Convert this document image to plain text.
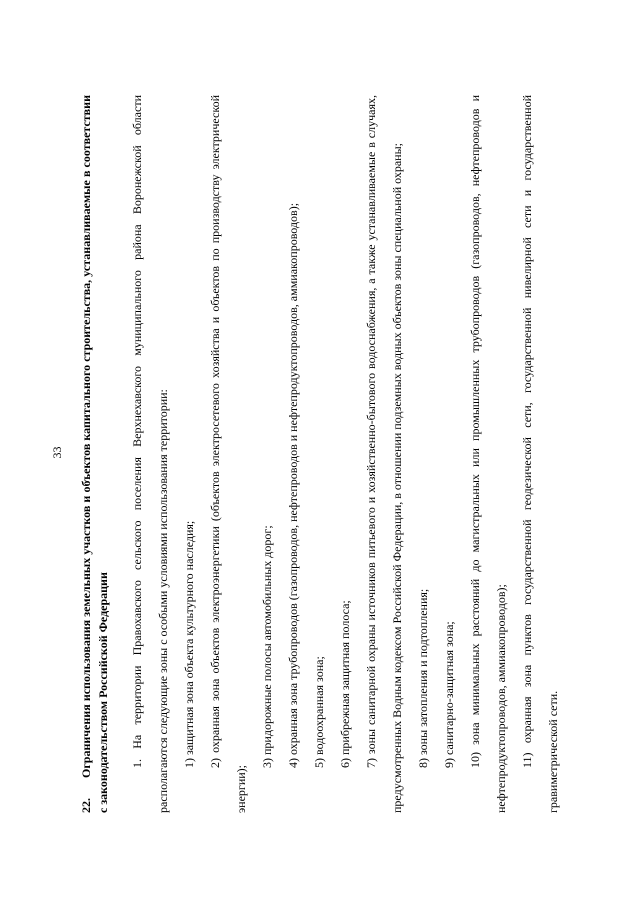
33
22.Ограничения использования земельных участков и объектов капитального строительства, устанавливаемые в соответствии с законодательством Российской Федерации	1. На территории Правохавского сельского поселения Верхнехавского муниципального района Воронежской области располагаются следующие зоны с особыми условиями использования территории:	1) защитная зона объекта культурного наследия;	2) охранная зона объектов электроэнергетики (объектов электросетевого хозяйства и объектов по производству электрической энергии);

3) придорожные полосы автомобильных дорог;	4) охранная зона трубопроводов (газопроводов, нефтепроводов и нефтепродуктопроводов, аммиакопроводов);	5) водоохранная зона;	6) прибрежная защитная полоса;	7) зоны санитарной охраны источников питьевого и хозяйственно-бытового водоснабжения, а также устанавливаемые в случаях, предусмотренных Водным кодексом Российской Федерации, в отношении подземных водных объектов зоны специальной охраны;	8) зоны затопления и подтопления;	9) санитарно-защитная зона;	10) зона минимальных расстояний до магистральных или промышленных трубопроводов (газопроводов, нефтепроводов и нефтепродуктопроводов, аммиакопроводов);	11) охранная зона пунктов государственной геодезической сети, государственной нивелирной сети и государственной гравиметрической сети.
